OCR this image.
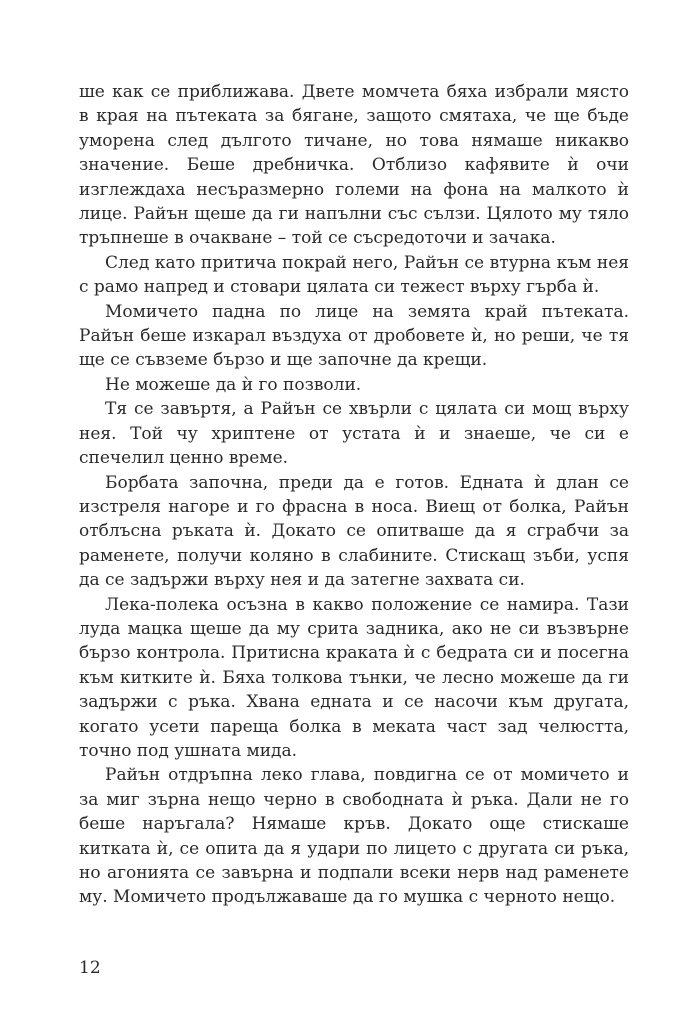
ше как се приближава. Двете момчета бяха избрали място в края на пътеката за бягане, защото смятаха, че ще бъде уморена след дългото тичане, но това нямаше никакво значение. Беше дребничка. Отблизо кафявите ѝ очи изглеждаха несъразмерно големи на фона на малкото ѝ лице. Райън щеше да ги напълни със сълзи. Цялото му тяло тръпнеше в очакване – той се съсредоточи и зачака.

След като притича покрай него, Райън се втурна към нея с рамо напред и стовари цялата си тежест върху гърба ѝ.

Момичето падна по лице на земята край пътеката. Райън беше изкарал въздуха от дробовете ѝ, но реши, че тя ще се съвземе бързо и ще започне да крещи.

Не можеше да ѝ го позволи.

Тя се завъртя, а Райън се хвърли с цялата си мощ върху нея. Той чу хриптене от устата ѝ и знаеше, че си е спечелил ценно време.

Борбата започна, преди да е готов. Едната ѝ длан се изстреля нагоре и го фрасна в носа. Виещ от болка, Райън отблъсна ръката ѝ. Докато се опитваше да я сграбчи за раменете, получи коляно в слабините. Стискащ зъби, успя да се задържи върху нея и да затегне захвата си.

Лека-полека осъзна в какво положение се намира. Тази луда мацка щеше да му срита задника, ако не си възвърне бързо контрола. Притисна краката ѝ с бедрата си и посегна към китките ѝ. Бяха толкова тънки, че лесно можеше да ги задържи с ръка. Хвана едната и се насочи към другата, когато усети пареща болка в меката част зад челюстта, точно под ушната мида.

Райън отдръпна леко глава, повдигна се от момичето и за миг зърна нещо черно в свободната ѝ ръка. Дали не го беше наръгала? Нямаше кръв. Докато още стискаше китката ѝ, се опита да я удари по лицето с другата си ръка, но агонията се завърна и подпали всеки нерв над раменете му. Момичето продължаваше да го мушка с черното нещо.

12
